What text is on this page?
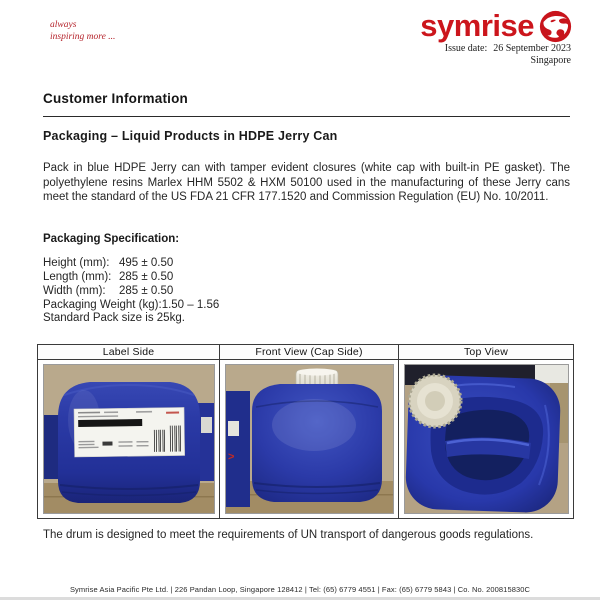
always
inspiring more ...	symrise
Issue date: 26 September 2023
Singapore
Customer Information
Packaging – Liquid Products in HDPE Jerry Can
Pack in blue HDPE Jerry can with tamper evident closures (white cap with built-in PE gasket). The polyethylene resins Marlex HHM 5502 & HXM 50100 used in the manufacturing of these Jerry cans meet the standard of the US FDA 21 CFR 177.1520 and Commission Regulation (EU) No. 10/2011.
Packaging Specification:
Height (mm): 495 ± 0.50
Length (mm): 285 ± 0.50
Width (mm): 285 ± 0.50
Packaging Weight (kg):1.50 – 1.56
Standard Pack size is 25kg.
Label Side	Front View (Cap Side)	Top View

>

The drum is designed to meet the requirements of UN transport of dangerous goods regulations.
Symrise Asia Pacific Pte Ltd. | 226 Pandan Loop, Singapore 128412 | Tel: (65) 6779 4551 | Fax: (65) 6779 5843 | Co. No. 200815830C
